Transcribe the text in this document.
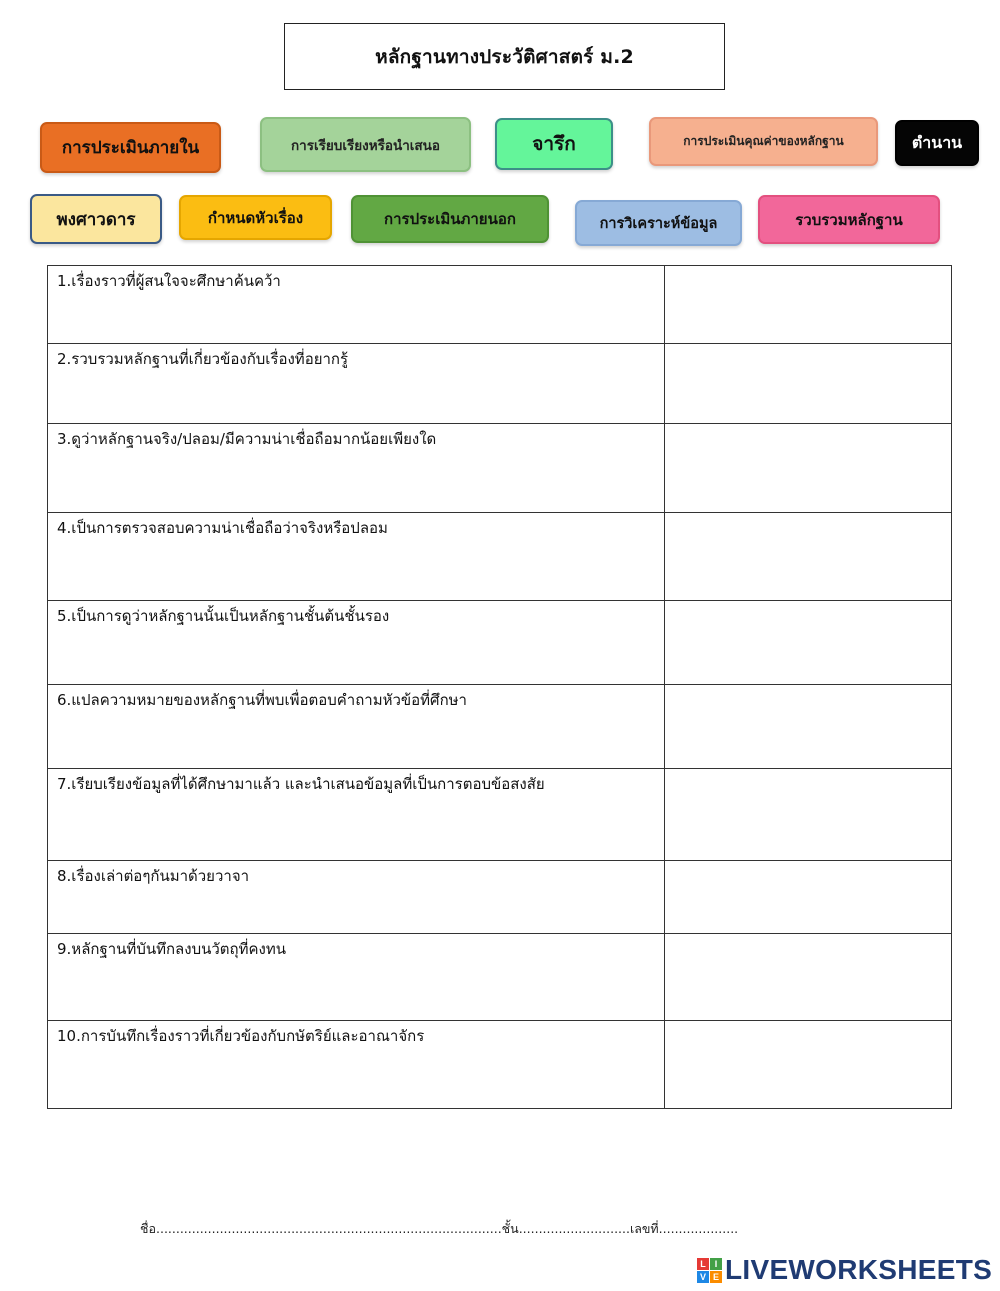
หลักฐานทางประวัติศาสตร์ ม.2
การประเมินภายใน	การเรียบเรียงหรือนำเสนอ	จารึก	การประเมินคุณค่าของหลักฐาน	ตำนาน
พงศาวดาร	กำหนดหัวเรื่อง	การประเมินภายนอก	การวิเคราะห์ข้อมูล	รวบรวมหลักฐาน
1.เรื่องราวที่ผู้สนใจจะศึกษาค้นคว้า	

2.รวบรวมหลักฐานที่เกี่ยวข้องกับเรื่องที่อยากรู้	

3.ดูว่าหลักฐานจริง/ปลอม/มีความน่าเชื่อถือมากน้อยเพียงใด	

4.เป็นการตรวจสอบความน่าเชื่อถือว่าจริงหรือปลอม	

5.เป็นการดูว่าหลักฐานนั้นเป็นหลักฐานชั้นต้นชั้นรอง	

6.แปลความหมายของหลักฐานที่พบเพื่อตอบคำถามหัวข้อที่ศึกษา	

7.เรียบเรียงข้อมูลที่ได้ศึกษามาแล้ว และนำเสนอข้อมูลที่เป็นการตอบข้อสงสัย	

8.เรื่องเล่าต่อๆกันมาด้วยวาจา	

9.หลักฐานที่บันทึกลงบนวัตถุที่คงทน	

10.การบันทึกเรื่องราวที่เกี่ยวข้องกับกษัตริย์และอาณาจักร	
ชื่อ.......................................................................................ชั้น............................เลขที่....................
L I
V E LIVEWORKSHEETS
